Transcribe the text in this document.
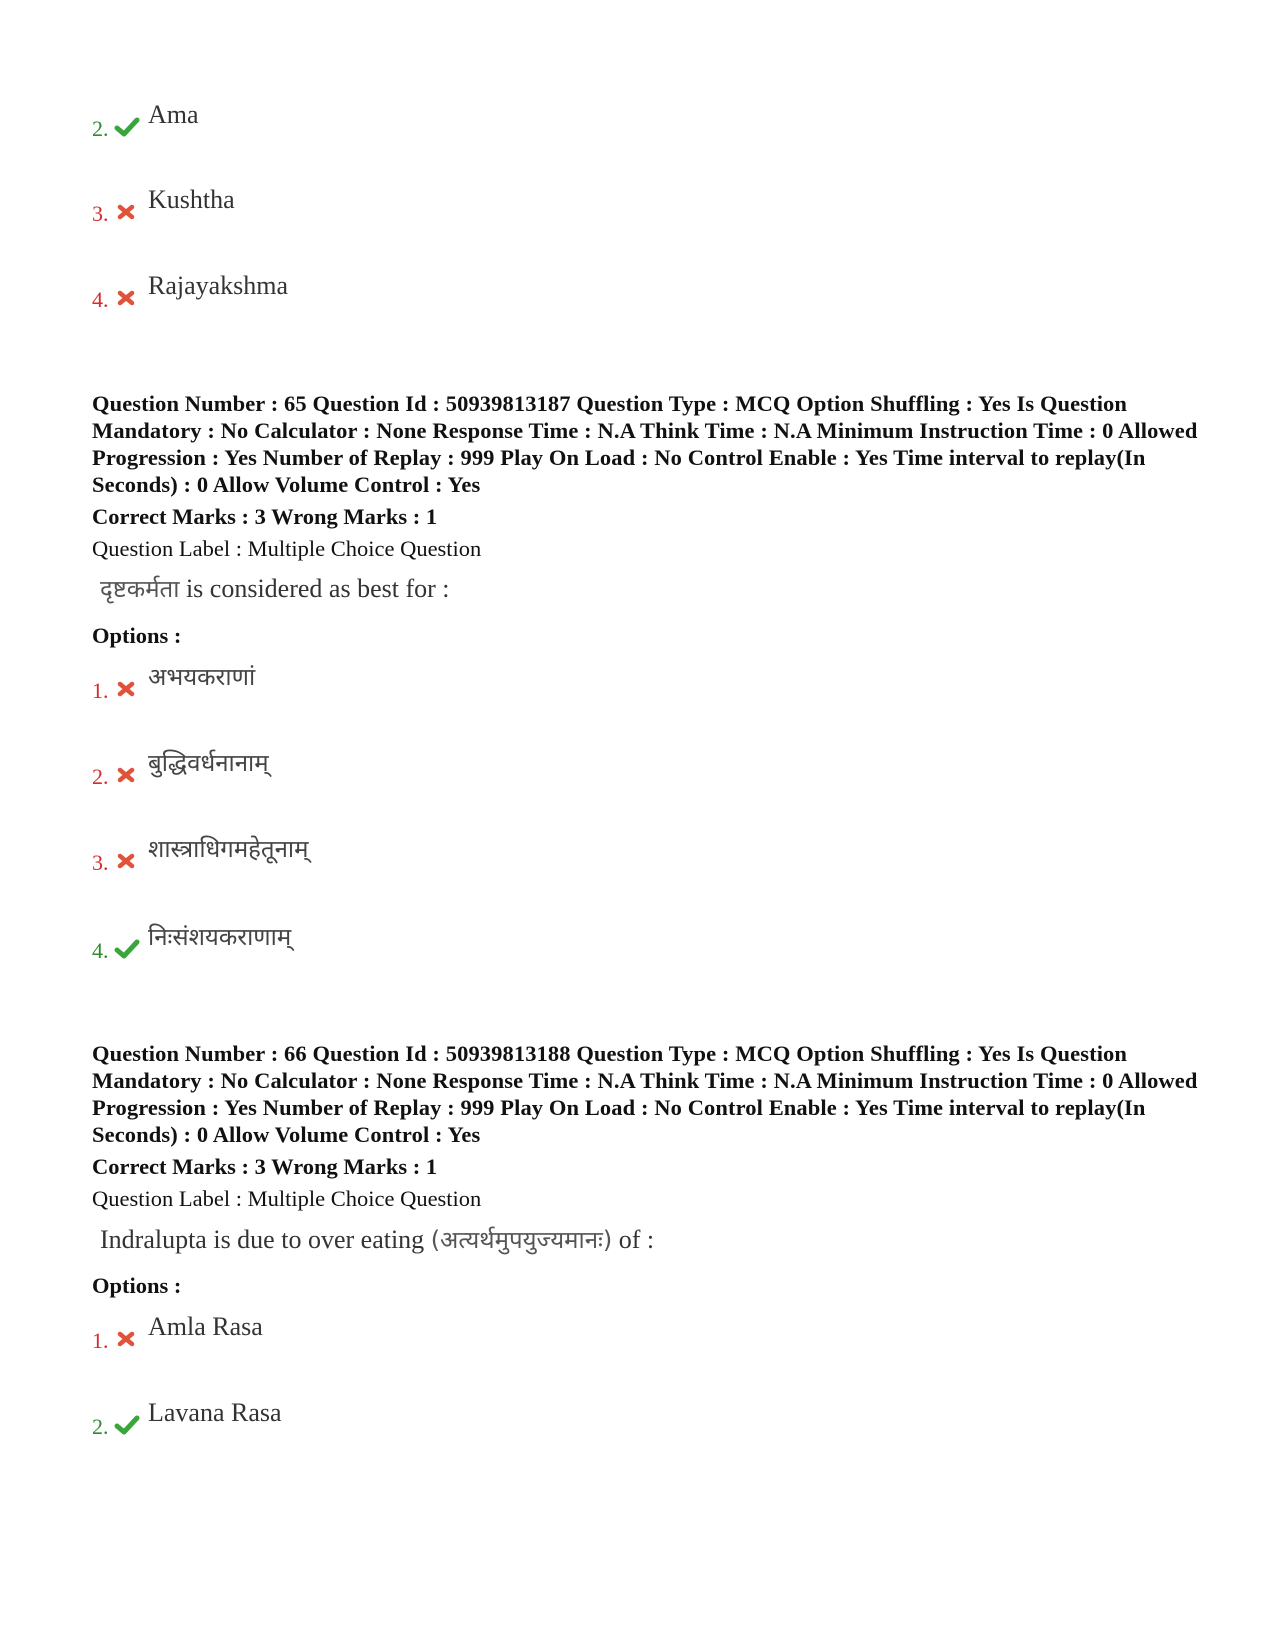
2. Ama
3. Kushtha
4. Rajayakshma
Question Number : 65 Question Id : 50939813187 Question Type : MCQ Option Shuffling : Yes Is Question Mandatory : No Calculator : None Response Time : N.A Think Time : N.A Minimum Instruction Time : 0 Allowed Progression : Yes Number of Replay : 999 Play On Load : No Control Enable : Yes Time interval to replay(In Seconds) : 0 Allow Volume Control : Yes
Correct Marks : 3 Wrong Marks : 1
Question Label : Multiple Choice Question
दृष्टकर्मता is considered as best for :
Options :
1. अभयकराणां
2. बुद्धिवर्धनानाम्
3. शास्त्राधिगमहेतूनाम्
4. निःसंशयकराणाम्
Question Number : 66 Question Id : 50939813188 Question Type : MCQ Option Shuffling : Yes Is Question Mandatory : No Calculator : None Response Time : N.A Think Time : N.A Minimum Instruction Time : 0 Allowed Progression : Yes Number of Replay : 999 Play On Load : No Control Enable : Yes Time interval to replay(In Seconds) : 0 Allow Volume Control : Yes
Correct Marks : 3 Wrong Marks : 1
Question Label : Multiple Choice Question
Indralupta is due to over eating (अत्यर्थमुपयुज्यमानः) of :
Options :
1. Amla Rasa
2. Lavana Rasa
